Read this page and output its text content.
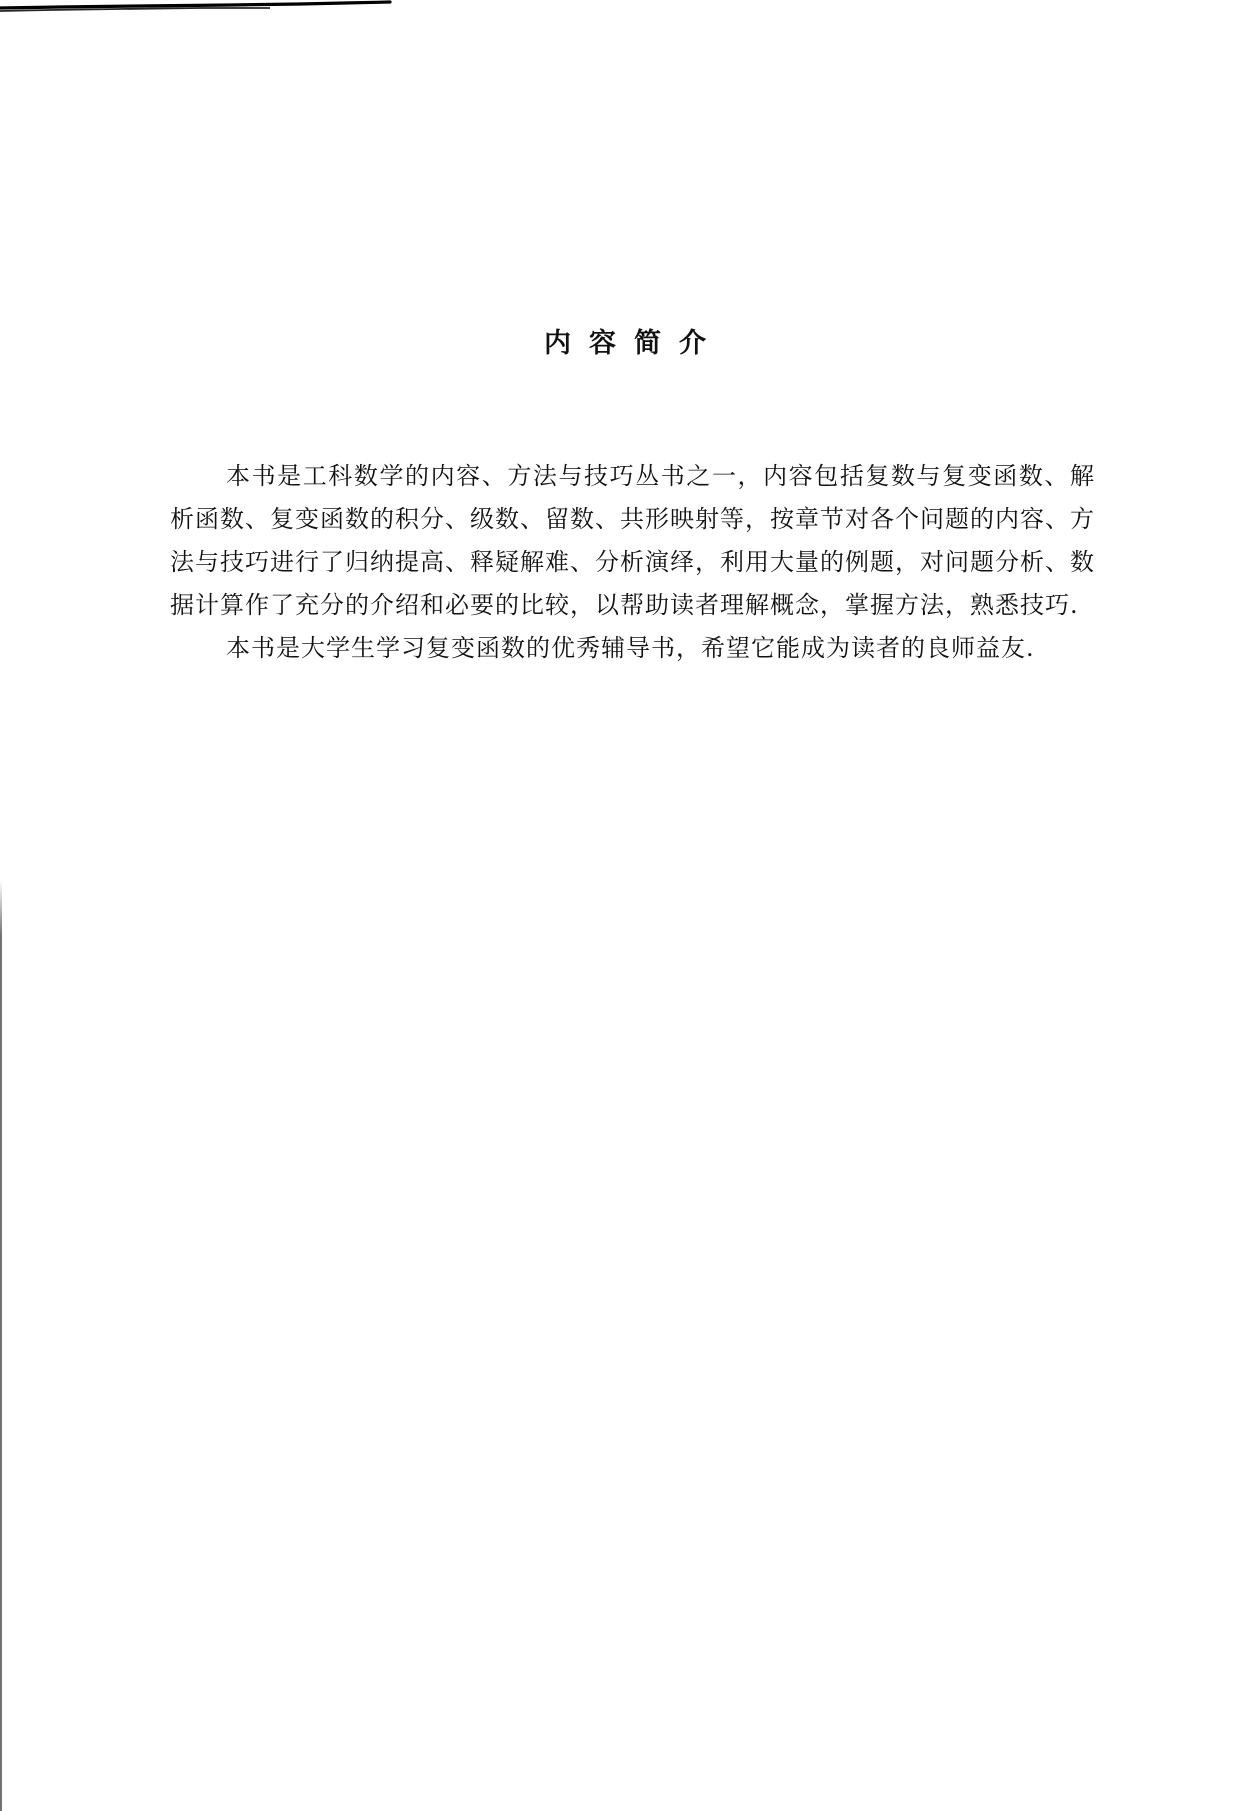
内容简介

本书是工科数学的内容、方法与技巧丛书之一，内容包括复数与复变函数、解析函数、复变函数的积分、级数、留数、共形映射等，按章节对各个问题的内容、方法与技巧进行了归纳提高、释疑解难、分析演绎，利用大量的例题，对问题分析、数据计算作了充分的介绍和必要的比较，以帮助读者理解概念，掌握方法，熟悉技巧.

本书是大学生学习复变函数的优秀辅导书，希望它能成为读者的良师益友.
